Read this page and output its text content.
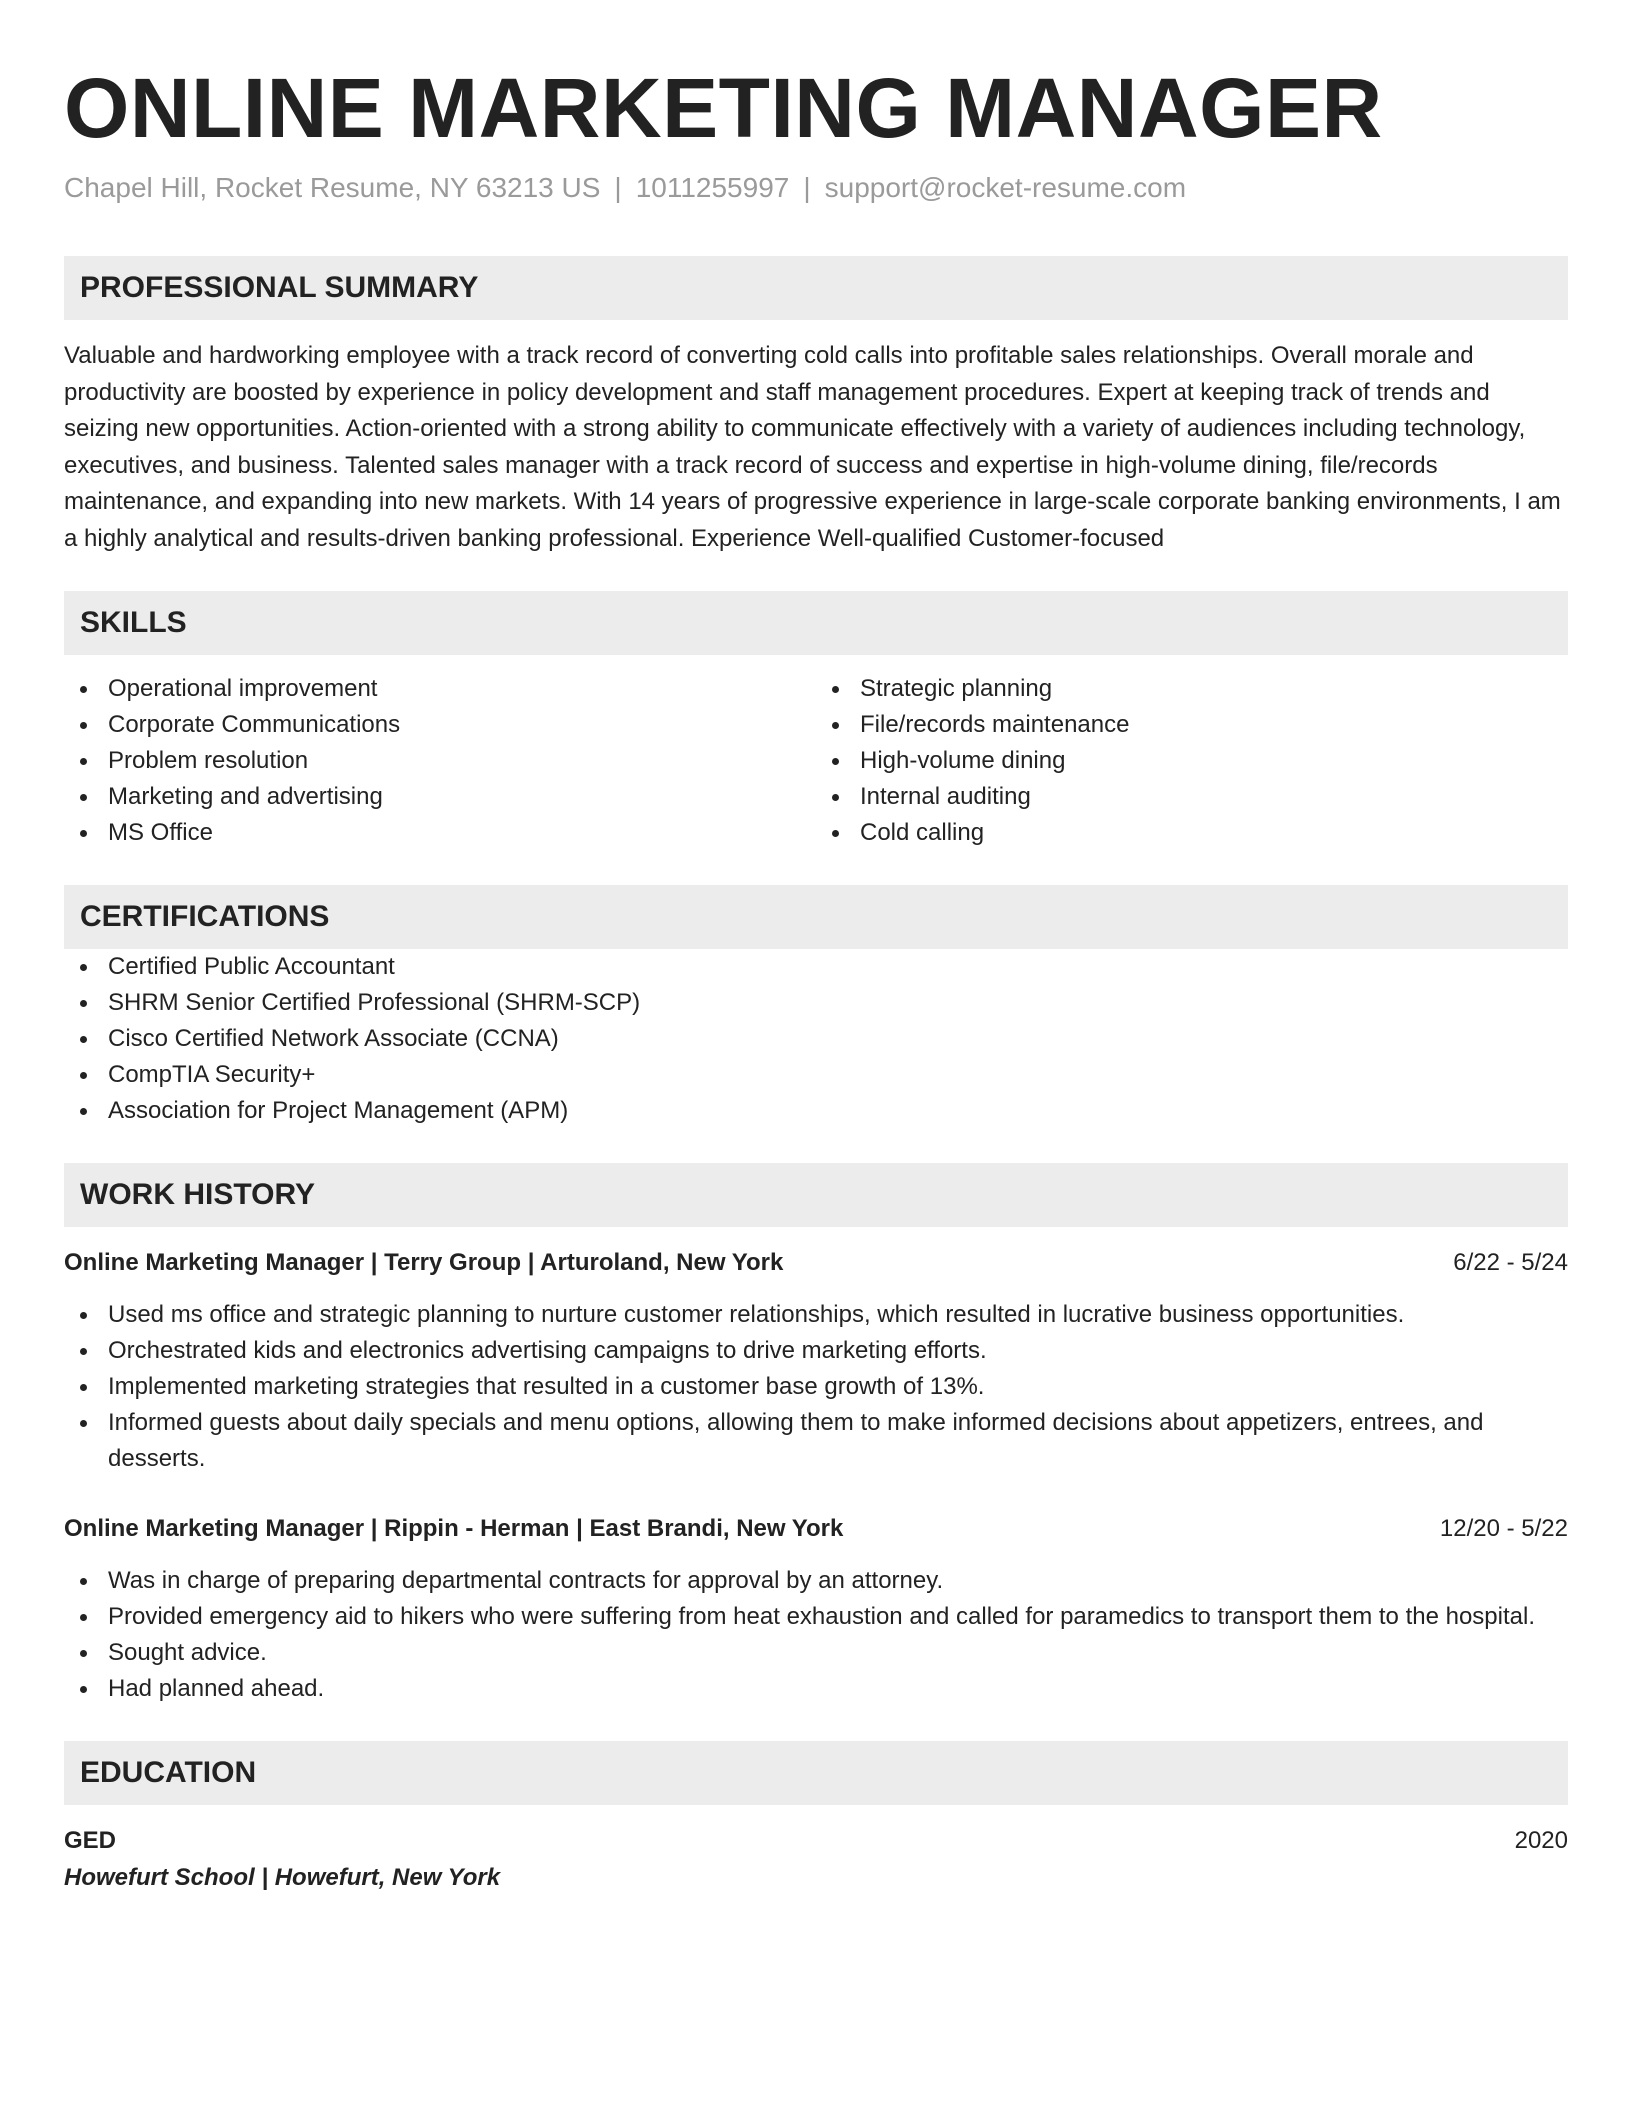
ONLINE MARKETING MANAGER
Chapel Hill, Rocket Resume, NY 63213 US | 1011255997 | support@rocket-resume.com
PROFESSIONAL SUMMARY
Valuable and hardworking employee with a track record of converting cold calls into profitable sales relationships. Overall morale and productivity are boosted by experience in policy development and staff management procedures. Expert at keeping track of trends and seizing new opportunities. Action-oriented with a strong ability to communicate effectively with a variety of audiences including technology, executives, and business. Talented sales manager with a track record of success and expertise in high-volume dining, file/records maintenance, and expanding into new markets. With 14 years of progressive experience in large-scale corporate banking environments, I am a highly analytical and results-driven banking professional. Experience Well-qualified Customer-focused
SKILLS
Operational improvement
Corporate Communications
Problem resolution
Marketing and advertising
MS Office
Strategic planning
File/records maintenance
High-volume dining
Internal auditing
Cold calling
CERTIFICATIONS
Certified Public Accountant
SHRM Senior Certified Professional (SHRM-SCP)
Cisco Certified Network Associate (CCNA)
CompTIA Security+
Association for Project Management (APM)
WORK HISTORY
Online Marketing Manager | Terry Group | Arturoland, New York	6/22 - 5/24
Used ms office and strategic planning to nurture customer relationships, which resulted in lucrative business opportunities.
Orchestrated kids and electronics advertising campaigns to drive marketing efforts.
Implemented marketing strategies that resulted in a customer base growth of 13%.
Informed guests about daily specials and menu options, allowing them to make informed decisions about appetizers, entrees, and desserts.
Online Marketing Manager | Rippin - Herman | East Brandi, New York	12/20 - 5/22
Was in charge of preparing departmental contracts for approval by an attorney.
Provided emergency aid to hikers who were suffering from heat exhaustion and called for paramedics to transport them to the hospital.
Sought advice.
Had planned ahead.
EDUCATION
GED	2020
Howefurt School | Howefurt, New York
